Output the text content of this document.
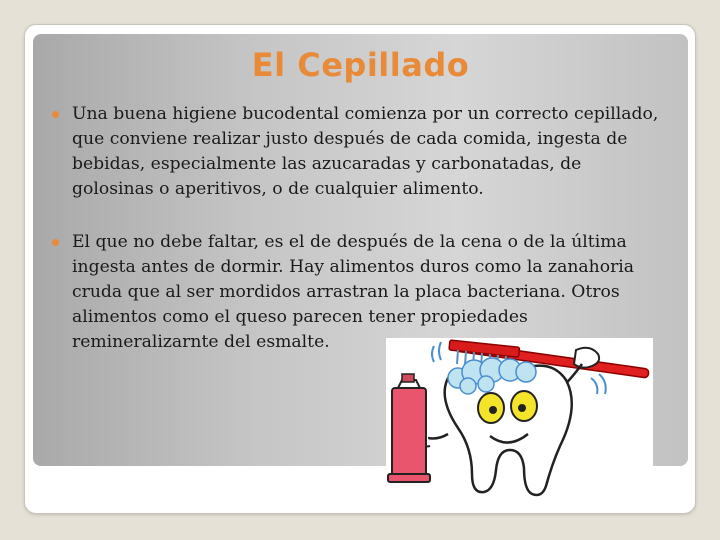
El Cepillado
Una buena higiene bucodental comienza por un correcto cepillado, que conviene realizar justo después de cada comida, ingesta de bebidas, especialmente las azucaradas y carbonatadas, de golosinas o aperitivos, o de cualquier alimento.
El que no debe faltar, es el de después de la cena o de la última ingesta antes de dormir. Hay alimentos duros como la zanahoria cruda que al ser mordidos arrastran la placa bacteriana. Otros alimentos como el queso parecen tener propiedades remineralizarnte del esmalte.
